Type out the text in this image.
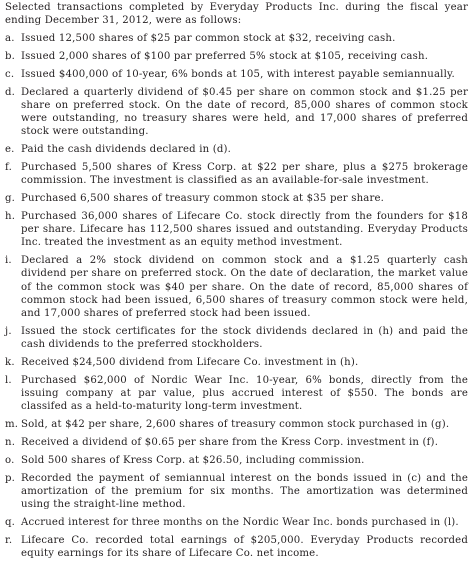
Selected transactions completed by Everyday Products Inc. during the fiscal year ending December 31, 2012, were as follows:
a. Issued 12,500 shares of $25 par common stock at $32, receiving cash.
b. Issued 2,000 shares of $100 par preferred 5% stock at $105, receiving cash.
c. Issued $400,000 of 10-year, 6% bonds at 105, with interest payable semiannually.
d. Declared a quarterly dividend of $0.45 per share on common stock and $1.25 per share on preferred stock. On the date of record, 85,000 shares of common stock were outstanding, no treasury shares were held, and 17,000 shares of preferred stock were outstanding.
e. Paid the cash dividends declared in (d).
f. Purchased 5,500 shares of Kress Corp. at $22 per share, plus a $275 brokerage commission. The investment is classified as an available-for-sale investment.
g. Purchased 6,500 shares of treasury common stock at $35 per share.
h. Purchased 36,000 shares of Lifecare Co. stock directly from the founders for $18 per share. Lifecare has 112,500 shares issued and outstanding. Everyday Products Inc. treated the investment as an equity method investment.
i. Declared a 2% stock dividend on common stock and a $1.25 quarterly cash dividend per share on preferred stock. On the date of declaration, the market value of the common stock was $40 per share. On the date of record, 85,000 shares of common stock had been issued, 6,500 shares of treasury common stock were held, and 17,000 shares of preferred stock had been issued.
j. Issued the stock certificates for the stock dividends declared in (h) and paid the cash dividends to the preferred stockholders.
k. Received $24,500 dividend from Lifecare Co. investment in (h).
l. Purchased $62,000 of Nordic Wear Inc. 10-year, 6% bonds, directly from the issuing company at par value, plus accrued interest of $550. The bonds are classifed as a held-to-maturity long-term investment.
m. Sold, at $42 per share, 2,600 shares of treasury common stock purchased in (g).
n. Received a dividend of $0.65 per share from the Kress Corp. investment in (f).
o. Sold 500 shares of Kress Corp. at $26.50, including commission.
p. Recorded the payment of semiannual interest on the bonds issued in (c) and the amortization of the premium for six months. The amortization was determined using the straight-line method.
q. Accrued interest for three months on the Nordic Wear Inc. bonds purchased in (l).
r. Lifecare Co. recorded total earnings of $205,000. Everyday Products recorded equity earnings for its share of Lifecare Co. net income.
